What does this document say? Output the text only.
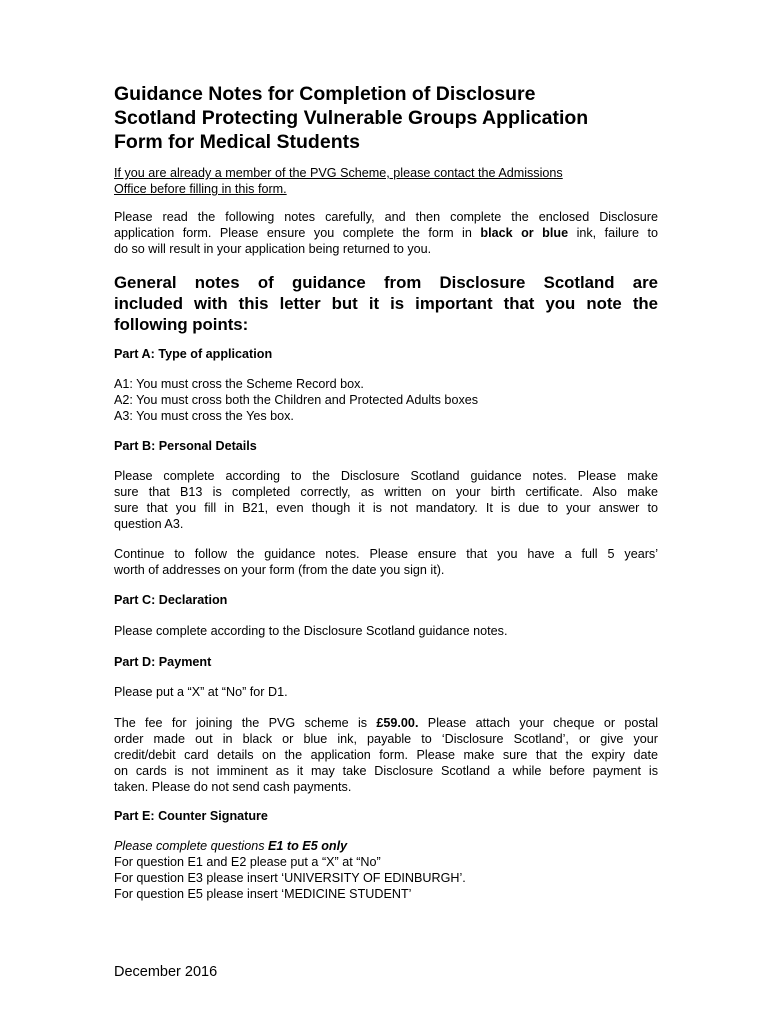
Guidance Notes for Completion of Disclosure
Scotland Protecting Vulnerable Groups Application
Form for Medical Students
If you are already a member of the PVG Scheme, please contact the Admissions
Office before filling in this form.
Please read the following notes carefully, and then complete the enclosed Disclosure
application form. Please ensure you complete the form in black or blue ink, failure to
do so will result in your application being returned to you.
General notes of guidance from Disclosure Scotland are
included with this letter but it is important that you note the
following points:
Part A: Type of application
A1: You must cross the Scheme Record box.
A2: You must cross both the Children and Protected Adults boxes
A3: You must cross the Yes box.
Part B: Personal Details
Please complete according to the Disclosure Scotland guidance notes. Please make
sure that B13 is completed correctly, as written on your birth certificate. Also make
sure that you fill in B21, even though it is not mandatory. It is due to your answer to
question A3.
Continue to follow the guidance notes. Please ensure that you have a full 5 years’
worth of addresses on your form (from the date you sign it).
Part C: Declaration
Please complete according to the Disclosure Scotland guidance notes.
Part D: Payment
Please put a “X” at “No” for D1.
The fee for joining the PVG scheme is £59.00. Please attach your cheque or postal
order made out in black or blue ink, payable to ‘Disclosure Scotland’, or give your
credit/debit card details on the application form. Please make sure that the expiry date
on cards is not imminent as it may take Disclosure Scotland a while before payment is
taken. Please do not send cash payments.
Part E: Counter Signature
Please complete questions E1 to E5 only
For question E1 and E2 please put a “X” at “No”
For question E3 please insert ‘UNIVERSITY OF EDINBURGH’.
For question E5 please insert ‘MEDICINE STUDENT’
December 2016
